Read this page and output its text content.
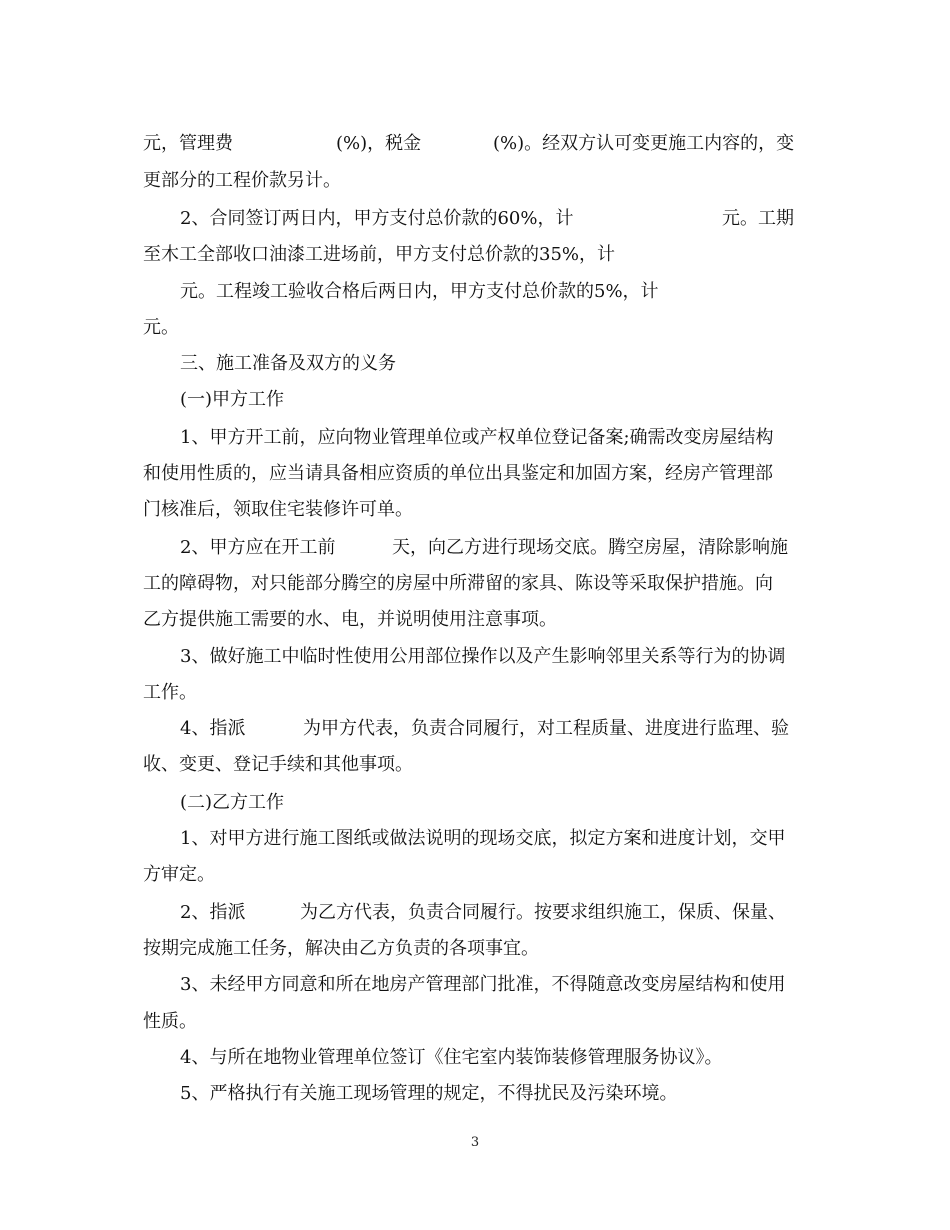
元，管理费	(%)，税金	(%)。经双方认可变更施工内容的，变
更部分的工程价款另计。
2、合同签订两日内，甲方支付总价款的60%，计	元。工期
至木工全部收口油漆工进场前，甲方支付总价款的35%，计
元。工程竣工验收合格后两日内，甲方支付总价款的5%，计
元。
三、施工准备及双方的义务
(一)甲方工作
1、甲方开工前，应向物业管理单位或产权单位登记备案;确需改变房屋结构
和使用性质的，应当请具备相应资质的单位出具鉴定和加固方案，经房产管理部
门核准后，领取住宅装修许可单。
2、甲方应在开工前	天，向乙方进行现场交底。腾空房屋，清除影响施
工的障碍物，对只能部分腾空的房屋中所滞留的家具、陈设等采取保护措施。向
乙方提供施工需要的水、电，并说明使用注意事项。
3、做好施工中临时性使用公用部位操作以及产生影响邻里关系等行为的协调
工作。
4、指派	为甲方代表，负责合同履行，对工程质量、进度进行监理、验
收、变更、登记手续和其他事项。
(二)乙方工作
1、对甲方进行施工图纸或做法说明的现场交底，拟定方案和进度计划，交甲
方审定。
2、指派	为乙方代表，负责合同履行。按要求组织施工，保质、保量、
按期完成施工任务，解决由乙方负责的各项事宜。
3、未经甲方同意和所在地房产管理部门批准，不得随意改变房屋结构和使用
性质。
4、与所在地物业管理单位签订《住宅室内装饰装修管理服务协议》。
5、严格执行有关施工现场管理的规定，不得扰民及污染环境。
3
